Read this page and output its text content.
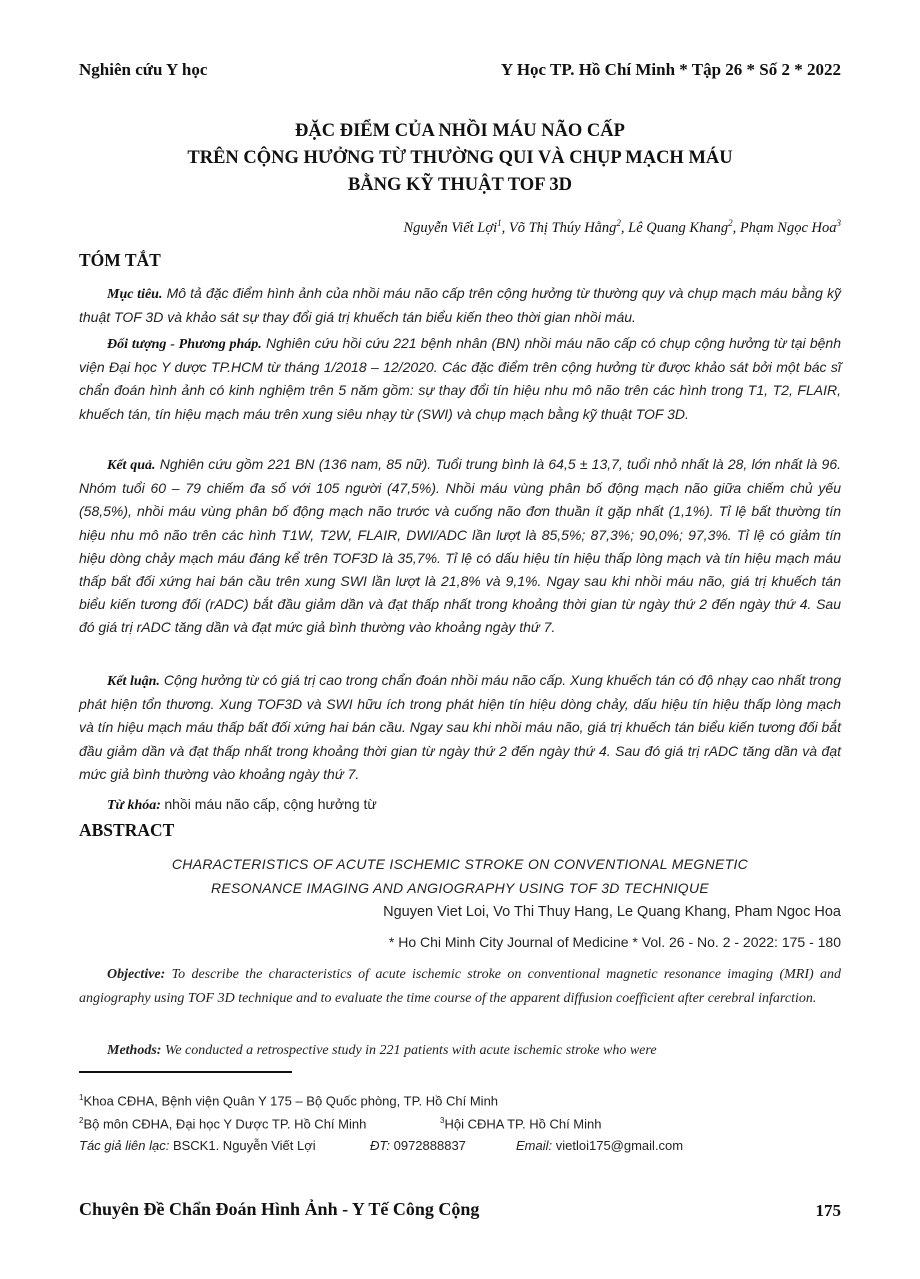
Nghiên cứu Y học	Y Học TP. Hồ Chí Minh * Tập 26 * Số 2 * 2022
ĐẶC ĐIỂM CỦA NHỒI MÁU NÃO CẤP
TRÊN CỘNG HƯỞNG TỪ THƯỜNG QUI VÀ CHỤP MẠCH MÁU
BẰNG KỸ THUẬT TOF 3D
Nguyễn Viết Lợi$^1$, Võ Thị Thúy Hằng$^2$, Lê Quang Khang$^2$, Phạm Ngọc Hoa$^3$
TÓM TẮT
Mục tiêu. Mô tả đặc điểm hình ảnh của nhồi máu não cấp trên cộng hưởng từ thường quy và chụp mạch máu bằng kỹ thuật TOF 3D và khảo sát sự thay đổi giá trị khuếch tán biểu kiến theo thời gian nhồi máu.
Đối tượng - Phương pháp. Nghiên cứu hồi cứu 221 bệnh nhân (BN) nhồi máu não cấp có chụp cộng hưởng từ tại bệnh viện Đại học Y dược TP.HCM từ tháng 1/2018 – 12/2020. Các đặc điểm trên cộng hưởng từ được khảo sát bởi một bác sĩ chẩn đoán hình ảnh có kinh nghiệm trên 5 năm gồm: sự thay đổi tín hiệu nhu mô não trên các hình trong T1, T2, FLAIR, khuếch tán, tín hiệu mạch máu trên xung siêu nhạy từ (SWI) và chụp mạch bằng kỹ thuật TOF 3D.
Kết quả. Nghiên cứu gồm 221 BN (136 nam, 85 nữ). Tuổi trung bình là 64,5 ± 13,7, tuổi nhỏ nhất là 28, lớn nhất là 96. Nhóm tuổi 60 – 79 chiếm đa số với 105 người (47,5%). Nhồi máu vùng phân bố động mạch não giữa chiếm chủ yếu (58,5%), nhồi máu vùng phân bố động mạch não trước và cuống não đơn thuần ít gặp nhất (1,1%). Tỉ lệ bất thường tín hiệu nhu mô não trên các hình T1W, T2W, FLAIR, DWI/ADC lần lượt là 85,5%; 87,3%; 90,0%; 97,3%. Tỉ lệ có giảm tín hiệu dòng chảy mạch máu đáng kể trên TOF3D là 35,7%. Tỉ lệ có dấu hiệu tín hiệu thấp lòng mạch và tín hiệu mạch máu thấp bất đối xứng hai bán cầu trên xung SWI lần lượt là 21,8% và 9,1%. Ngay sau khi nhồi máu não, giá trị khuếch tán biểu kiến tương đối (rADC) bắt đầu giảm dần và đạt thấp nhất trong khoảng thời gian từ ngày thứ 2 đến ngày thứ 4. Sau đó giá trị rADC tăng dần và đạt mức giả bình thường vào khoảng ngày thứ 7.
Kết luận. Cộng hưởng từ có giá trị cao trong chẩn đoán nhồi máu não cấp. Xung khuếch tán có độ nhạy cao nhất trong phát hiện tổn thương. Xung TOF3D và SWI hữu ích trong phát hiện tín hiệu dòng chảy, dấu hiệu tín hiệu thấp lòng mạch và tín hiệu mạch máu thấp bất đối xứng hai bán cầu. Ngay sau khi nhồi máu não, giá trị khuếch tán biểu kiến tương đối bắt đầu giảm dần và đạt thấp nhất trong khoảng thời gian từ ngày thứ 2 đến ngày thứ 4. Sau đó giá trị rADC tăng dần và đạt mức giả bình thường vào khoảng ngày thứ 7.
Từ khóa: nhồi máu não cấp, cộng hưởng từ
ABSTRACT
CHARACTERISTICS OF ACUTE ISCHEMIC STROKE ON CONVENTIONAL MEGNETIC
RESONANCE IMAGING AND ANGIOGRAPHY USING TOF 3D TECHNIQUE
Nguyen Viet Loi, Vo Thi Thuy Hang, Le Quang Khang, Pham Ngoc Hoa
* Ho Chi Minh City Journal of Medicine * Vol. 26 - No. 2 - 2022: 175 - 180
Objective: To describe the characteristics of acute ischemic stroke on conventional magnetic resonance imaging (MRI) and angiography using TOF 3D technique and to evaluate the time course of the apparent diffusion coefficient after cerebral infarction.
Methods: We conducted a retrospective study in 221 patients with acute ischemic stroke who were
$^1$Khoa CĐHA, Bệnh viện Quân Y 175 – Bộ Quốc phòng, TP. Hồ Chí Minh
$^2$Bộ môn CĐHA, Đại học Y Dược TP. Hồ Chí Minh	$^3$Hội CĐHA TP. Hồ Chí Minh
Tác giả liên lạc: BSCK1. Nguyễn Viết Lợi	ĐT: 0972888837	Email: vietloi175@gmail.com
Chuyên Đề Chẩn Đoán Hình Ảnh - Y Tế Công Cộng	175
